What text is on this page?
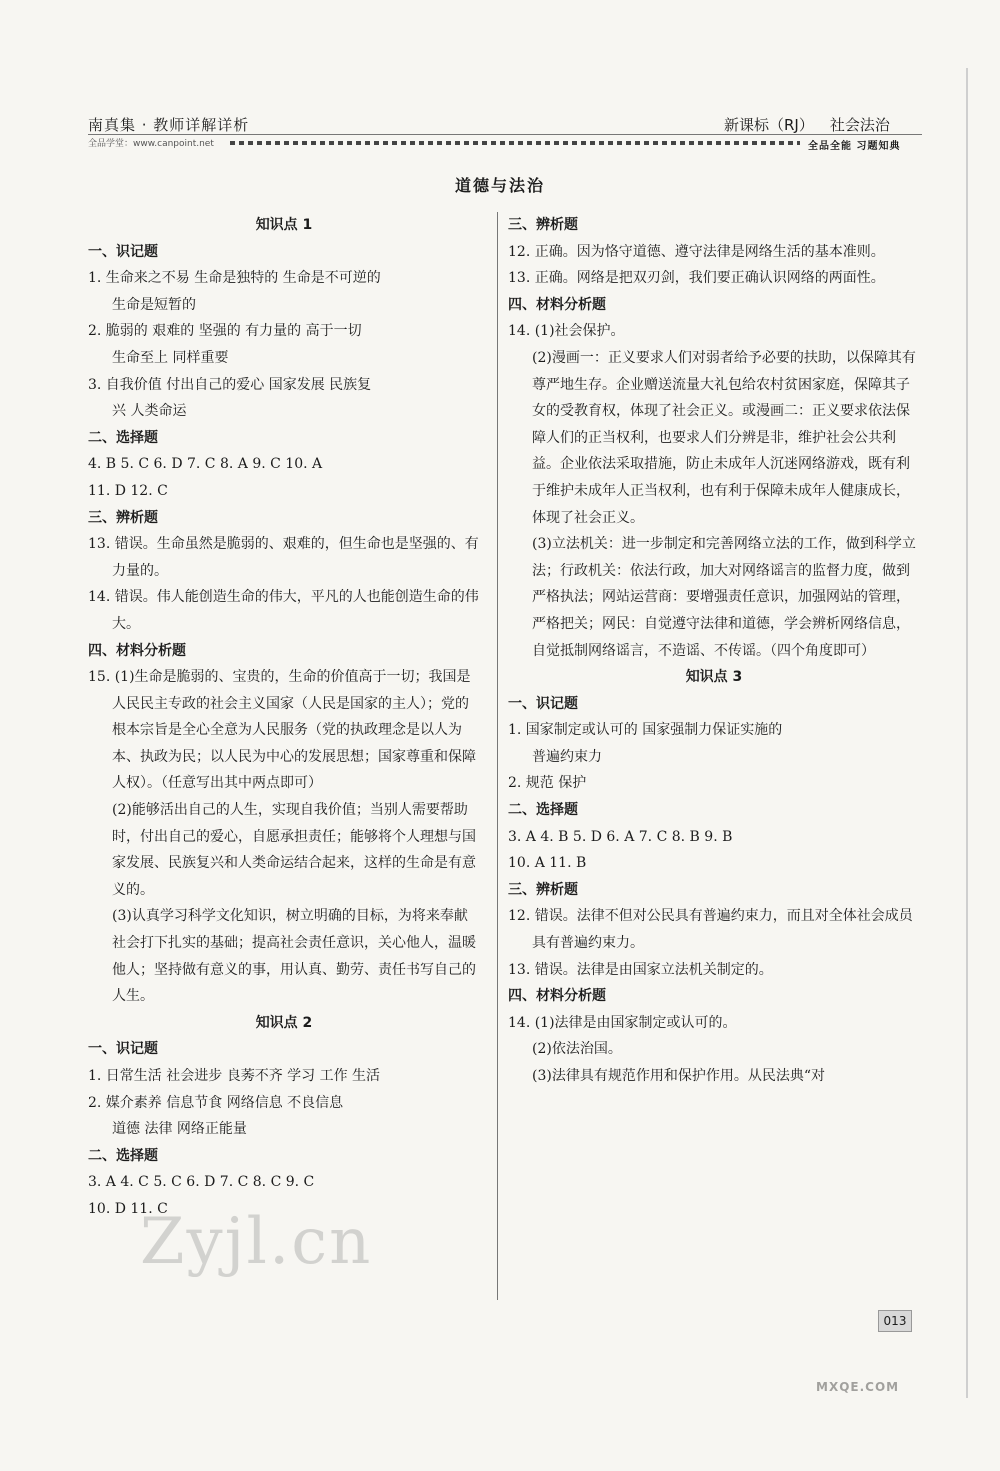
南真集 · 教师详解详析
全品学堂：www.canpoint.net
新课标（RJ） 社会法治
全品全能 习题知典
道德与法治
知识点 1
一、识记题
1. 生命来之不易 生命是独特的 生命是不可逆的
生命是短暂的
2. 脆弱的 艰难的 坚强的 有力量的 高于一切
生命至上 同样重要
3. 自我价值 付出自己的爱心 国家发展 民族复
兴 人类命运
二、选择题
4. B 5. C 6. D 7. C 8. A 9. C 10. A
11. D 12. C
三、辨析题
13. 错误。生命虽然是脆弱的、艰难的，但生命也是坚强的、有力量的。
14. 错误。伟人能创造生命的伟大，平凡的人也能创造生命的伟大。
四、材料分析题
15. (1)生命是脆弱的、宝贵的，生命的价值高于一切；我国是人民民主专政的社会主义国家（人民是国家的主人）；党的根本宗旨是全心全意为人民服务（党的执政理念是以人为本、执政为民；以人民为中心的发展思想；国家尊重和保障人权）。（任意写出其中两点即可）
(2)能够活出自己的人生，实现自我价值；当别人需要帮助时，付出自己的爱心，自愿承担责任；能够将个人理想与国家发展、民族复兴和人类命运结合起来，这样的生命是有意义的。
(3)认真学习科学文化知识，树立明确的目标，为将来奉献社会打下扎实的基础；提高社会责任意识，关心他人，温暖他人；坚持做有意义的事，用认真、勤劳、责任书写自己的人生。
知识点 2
一、识记题
1. 日常生活 社会进步 良莠不齐 学习 工作 生活
2. 媒介素养 信息节食 网络信息 不良信息
道德 法律 网络正能量
二、选择题
3. A 4. C 5. C 6. D 7. C 8. C 9. C
10. D 11. C
三、辨析题
12. 正确。因为恪守道德、遵守法律是网络生活的基本准则。
13. 正确。网络是把双刃剑，我们要正确认识网络的两面性。
四、材料分析题
14. (1)社会保护。
(2)漫画一：正义要求人们对弱者给予必要的扶助，以保障其有尊严地生存。企业赠送流量大礼包给农村贫困家庭，保障其子女的受教育权，体现了社会正义。或漫画二：正义要求依法保障人们的正当权利，也要求人们分辨是非，维护社会公共利益。企业依法采取措施，防止未成年人沉迷网络游戏，既有利于维护未成年人正当权利，也有利于保障未成年人健康成长，体现了社会正义。
(3)立法机关：进一步制定和完善网络立法的工作，做到科学立法；行政机关：依法行政，加大对网络谣言的监督力度，做到严格执法；网站运营商：要增强责任意识，加强网站的管理，严格把关；网民：自觉遵守法律和道德，学会辨析网络信息，自觉抵制网络谣言，不造谣、不传谣。（四个角度即可）
知识点 3
一、识记题
1. 国家制定或认可的 国家强制力保证实施的
普遍约束力
2. 规范 保护
二、选择题
3. A 4. B 5. D 6. A 7. C 8. B 9. B
10. A 11. B
三、辨析题
12. 错误。法律不但对公民具有普遍约束力，而且对全体社会成员具有普遍约束力。
13. 错误。法律是由国家立法机关制定的。
四、材料分析题
14. (1)法律是由国家制定或认可的。
(2)依法治国。
(3)法律具有规范作用和保护作用。从民法典“对
Zyjl.cn
013
MXQE.COM
